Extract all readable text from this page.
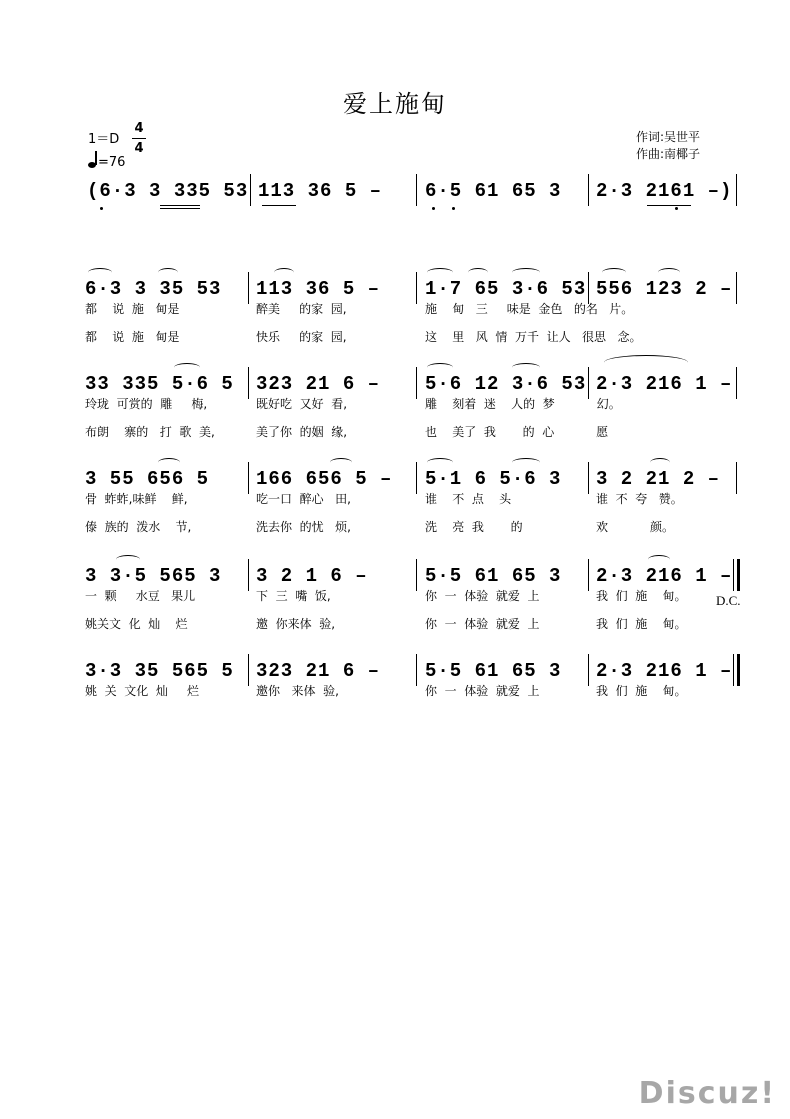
爱上施甸
1＝D
4
4
=76
作词:吴世平
作曲:南椰子
(6·3 3 335 53 113 36 5 – 6·5 61 65 3 2·3 2161 –)
6·3 3 35 53 113 36 5 – 1·7 65 3·6 53 556 123 2 –
都    说  施   甸是	醉美     的家  园,	施    甸   三     味是  金色   的名   片。
都    说  施   甸是	快乐     的家  园,	这    里   风  情  万千  让人   很思   念。
33 335 5·6 5 323 21 6 – 5·6 12 3·6 53 2·3 216 1 –
玲珑  可赏的  雕     梅,	既好吃  又好  看,	雕    刻着  迷    人的  梦           幻。
布朗    寨的   打  歌  美,	美了你  的姻  缘,	也    美了  我       的  心           愿
3 55 656 5 166 656 5 – 5·1 6 5·6 3 3 2 21 2 –
骨  蚱蚱,味鲜    鲜,	吃一口  醉心   田,	谁    不  点    头	谁  不  夸   赞。
傣  族的  泼水    节,	洗去你  的忧   烦,	洗    亮  我       的	欢           颜。
3 3·5 565 3 3 2 1 6 –	5·5 61 65 3 2·3 216 1 –
D.C.
一  颗     水豆   果儿	下  三  嘴  饭,	你  一  体验  就爱  上	我  们  施    甸。
姚关文  化  灿    烂	邀  你来体  验,	你  一  体验  就爱  上	我  们  施    甸。
3·3 35 565 5 323 21 6 – 5·5 61 65 3 2·3 216 1 –
姚  关  文化  灿     烂	邀你   来体  验,	你  一  体验  就爱  上	我  们  施    甸。
Discuz!
